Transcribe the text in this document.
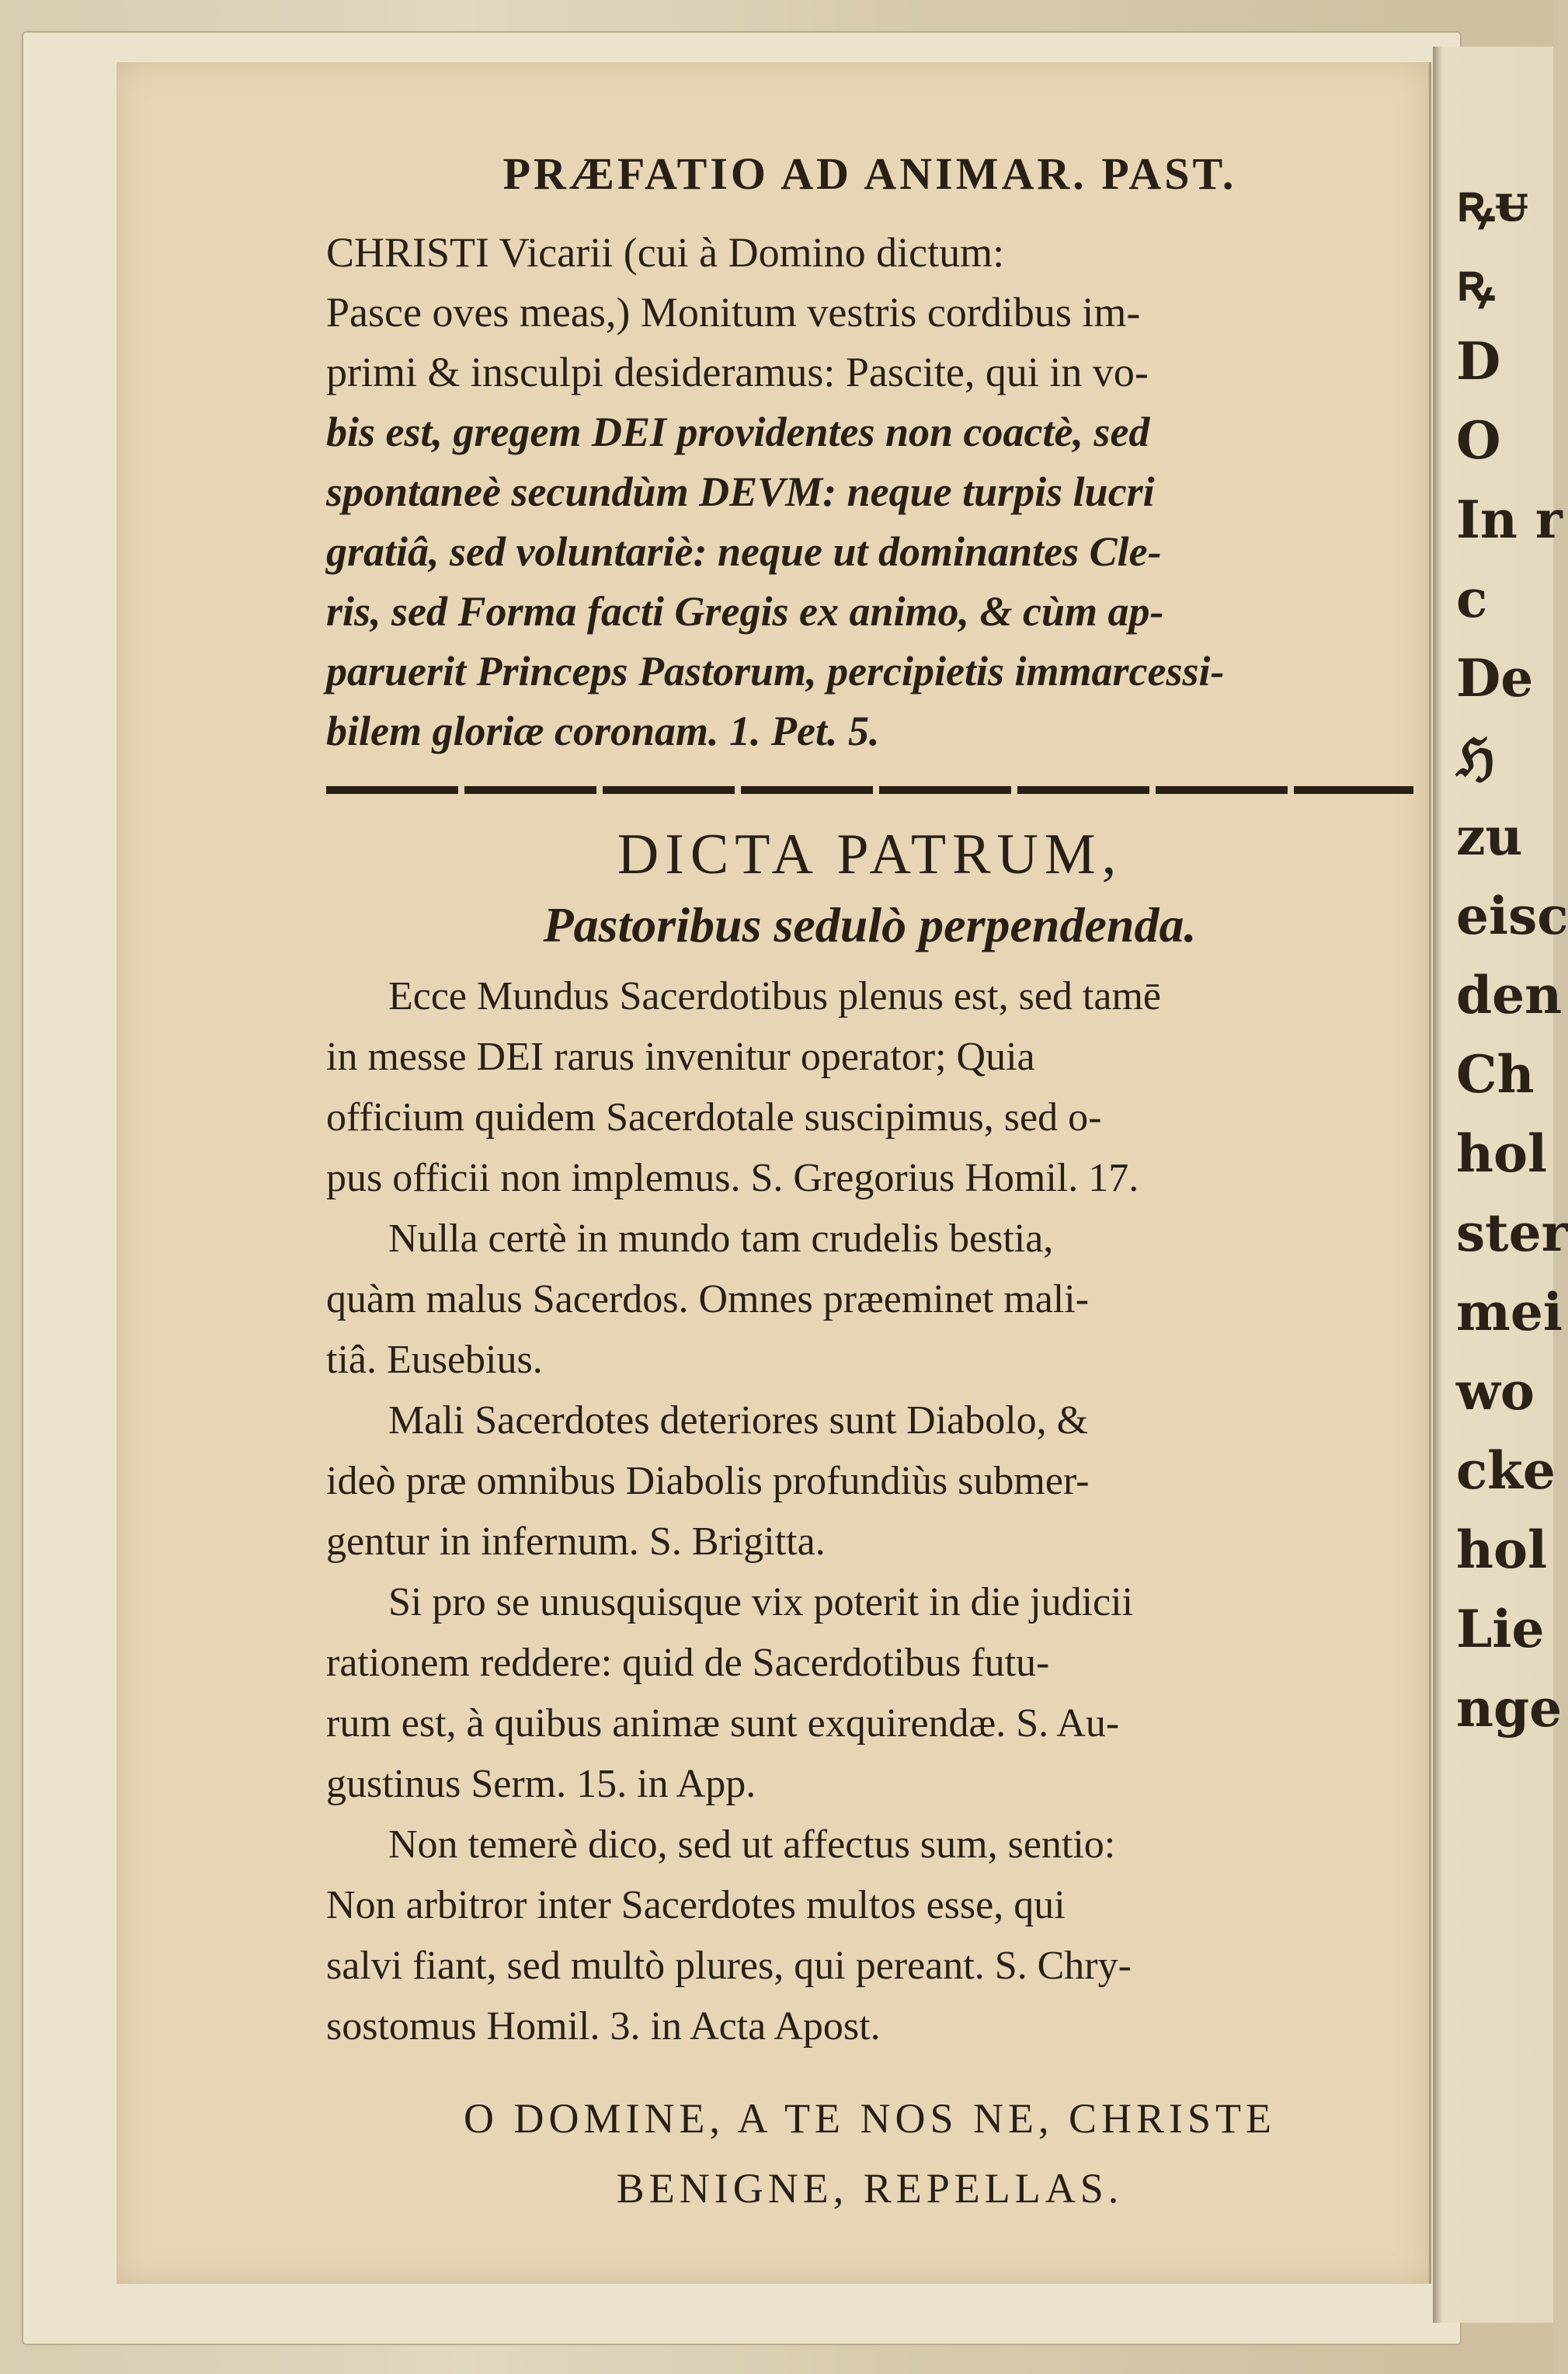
ꝶᵾ
ꝶ
D
O
In r
c
De
ℌ
zu
eisc
den
Ch
hol
ster
mei
wo
cke
hol
Lie
nge
PRÆFATIO AD ANIMAR. PAST.
CHRISTI Vicarii (cui à Domino dictum:
Pasce oves meas,) Monitum vestris cordibus im-
primi & insculpi desideramus: Pascite, qui in vo-
bis est, gregem DEI providentes non coactè, sed
spontaneè secundùm DEVM: neque turpis lucri
gratiâ, sed voluntariè: neque ut dominantes Cle-
ris, sed Forma facti Gregis ex animo, & cùm ap-
paruerit Princeps Pastorum, percipietis immarcessi-
bilem gloriæ coronam. 1. Pet. 5.
DICTA PATRUM,
Pastoribus sedulò perpendenda.
Ecce Mundus Sacerdotibus plenus est, sed tamē
in messe DEI rarus invenitur operator; Quia
officium quidem Sacerdotale suscipimus, sed o-
pus officii non implemus. S. Gregorius Homil. 17.
Nulla certè in mundo tam crudelis bestia,
quàm malus Sacerdos. Omnes præeminet mali-
tiâ. Eusebius.
Mali Sacerdotes deteriores sunt Diabolo, &
ideò præ omnibus Diabolis profundiùs submer-
gentur in infernum. S. Brigitta.
Si pro se unusquisque vix poterit in die judicii
rationem reddere: quid de Sacerdotibus futu-
rum est, à quibus animæ sunt exquirendæ. S. Au-
gustinus Serm. 15. in App.
Non temerè dico, sed ut affectus sum, sentio:
Non arbitror inter Sacerdotes multos esse, qui
salvi fiant, sed multò plures, qui pereant. S. Chry-
sostomus Homil. 3. in Acta Apost.
O DOMINE, A TE NOS NE, CHRISTE
BENIGNE, REPELLAS.
